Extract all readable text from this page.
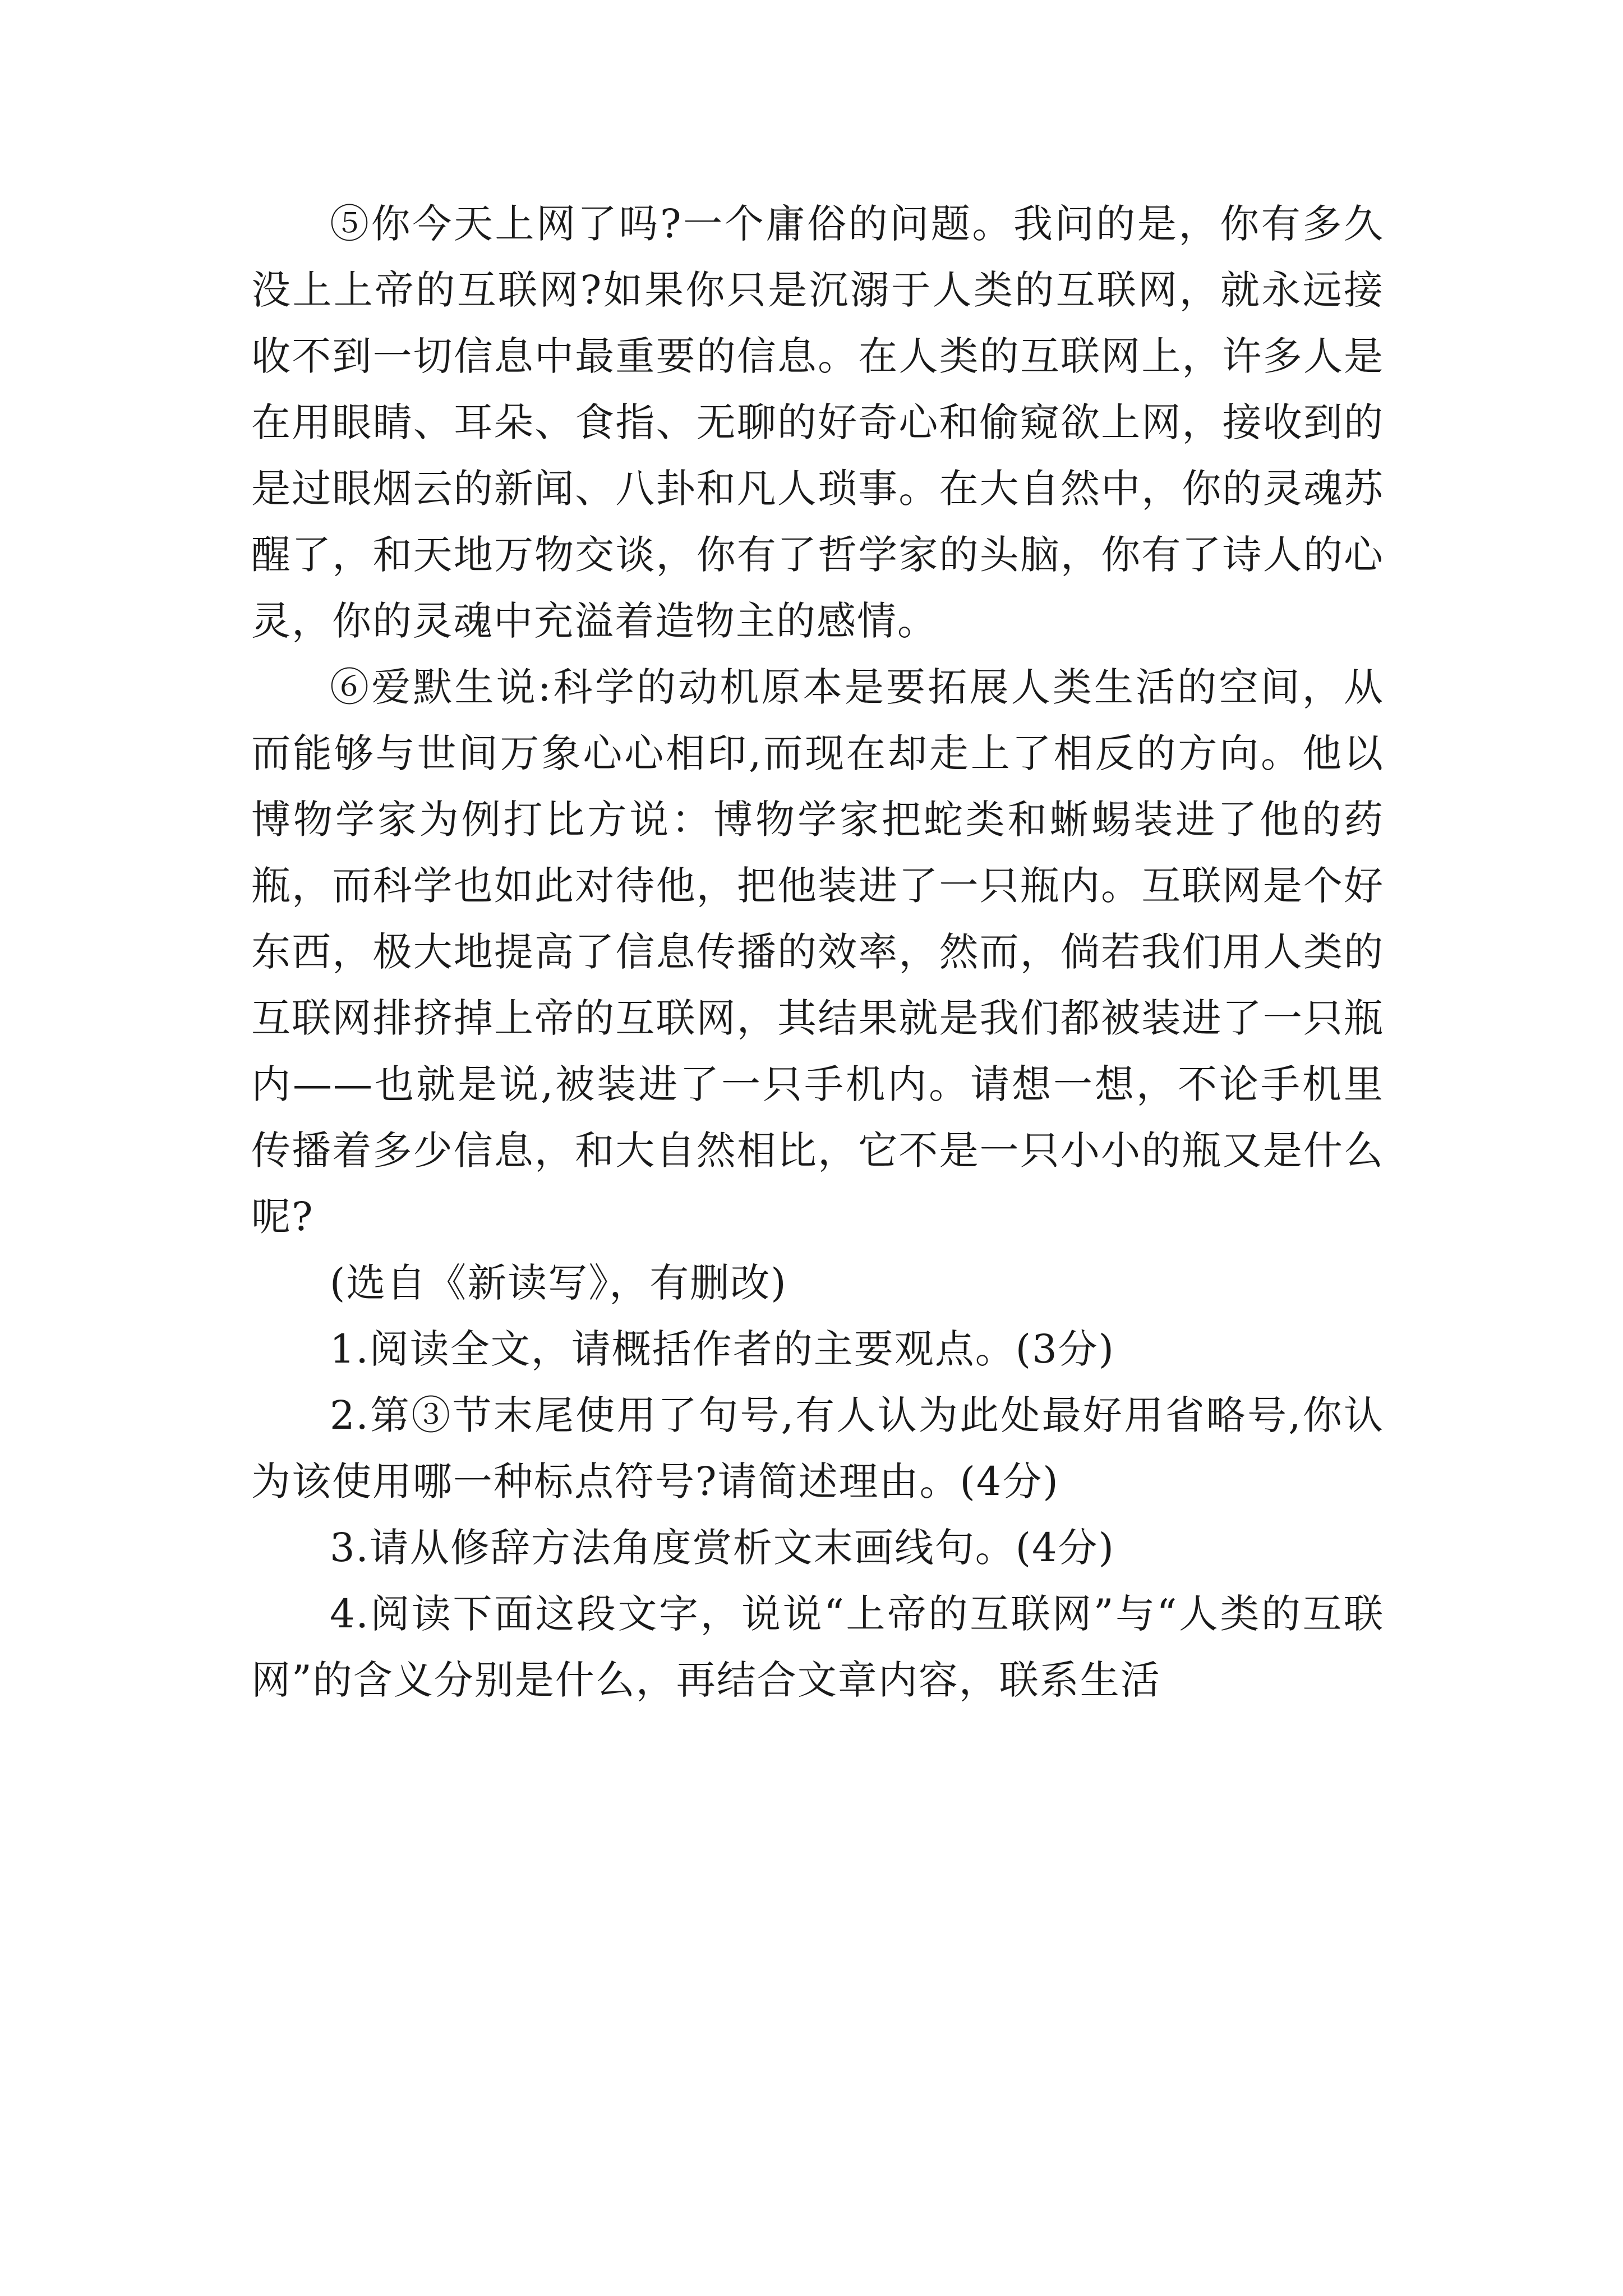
⑤你今天上网了吗?一个庸俗的问题。我问的是，你有多久没上上帝的互联网?如果你只是沉溺于人类的互联网，就永远接收不到一切信息中最重要的信息。在人类的互联网上，许多人是在用眼睛、耳朵、食指、无聊的好奇心和偷窥欲上网，接收到的是过眼烟云的新闻、八卦和凡人琐事。在大自然中，你的灵魂苏醒了，和天地万物交谈，你有了哲学家的头脑，你有了诗人的心灵，你的灵魂中充溢着造物主的感情。

⑥爱默生说:科学的动机原本是要拓展人类生活的空间，从而能够与世间万象心心相印,而现在却走上了相反的方向。他以博物学家为例打比方说：博物学家把蛇类和蜥蜴装进了他的药瓶，而科学也如此对待他，把他装进了一只瓶内。互联网是个好东西，极大地提高了信息传播的效率，然而，倘若我们用人类的互联网排挤掉上帝的互联网，其结果就是我们都被装进了一只瓶内——也就是说,被装进了一只手机内。请想一想，不论手机里传播着多少信息，和大自然相比，它不是一只小小的瓶又是什么呢?

(选自《新读写》，有删改)

1.阅读全文，请概括作者的主要观点。(3分)

2.第③节末尾使用了句号,有人认为此处最好用省略号,你认为该使用哪一种标点符号?请简述理由。(4分)

3.请从修辞方法角度赏析文末画线句。(4分)

4.阅读下面这段文字，说说“上帝的互联网”与“人类的互联网”的含义分别是什么，再结合文章内容，联系生活
